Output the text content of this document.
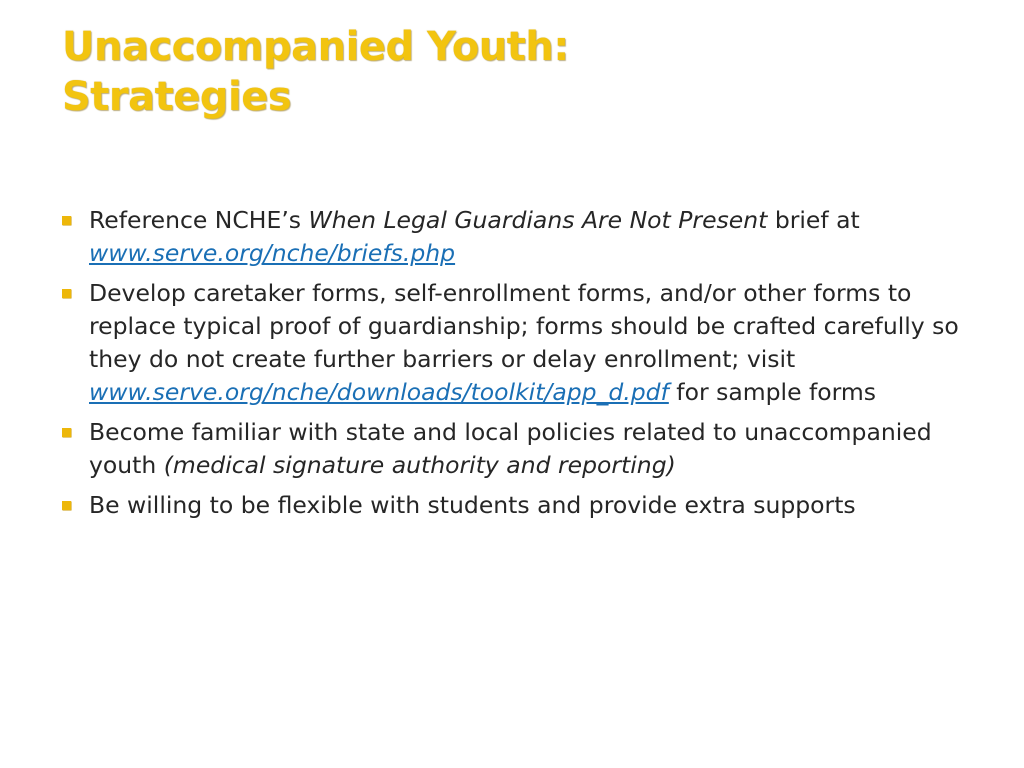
Unaccompanied Youth:
Strategies
Reference NCHE’s When Legal Guardians Are Not Present brief at www.serve.org/nche/briefs.php
Develop caretaker forms, self-enrollment forms, and/or other forms to replace typical proof of guardianship; forms should be crafted carefully so they do not create further barriers or delay enrollment; visit www.serve.org/nche/downloads/toolkit/app_d.pdf for sample forms
Become familiar with state and local policies related to unaccompanied youth (medical signature authority and reporting)
Be willing to be flexible with students and provide extra supports
